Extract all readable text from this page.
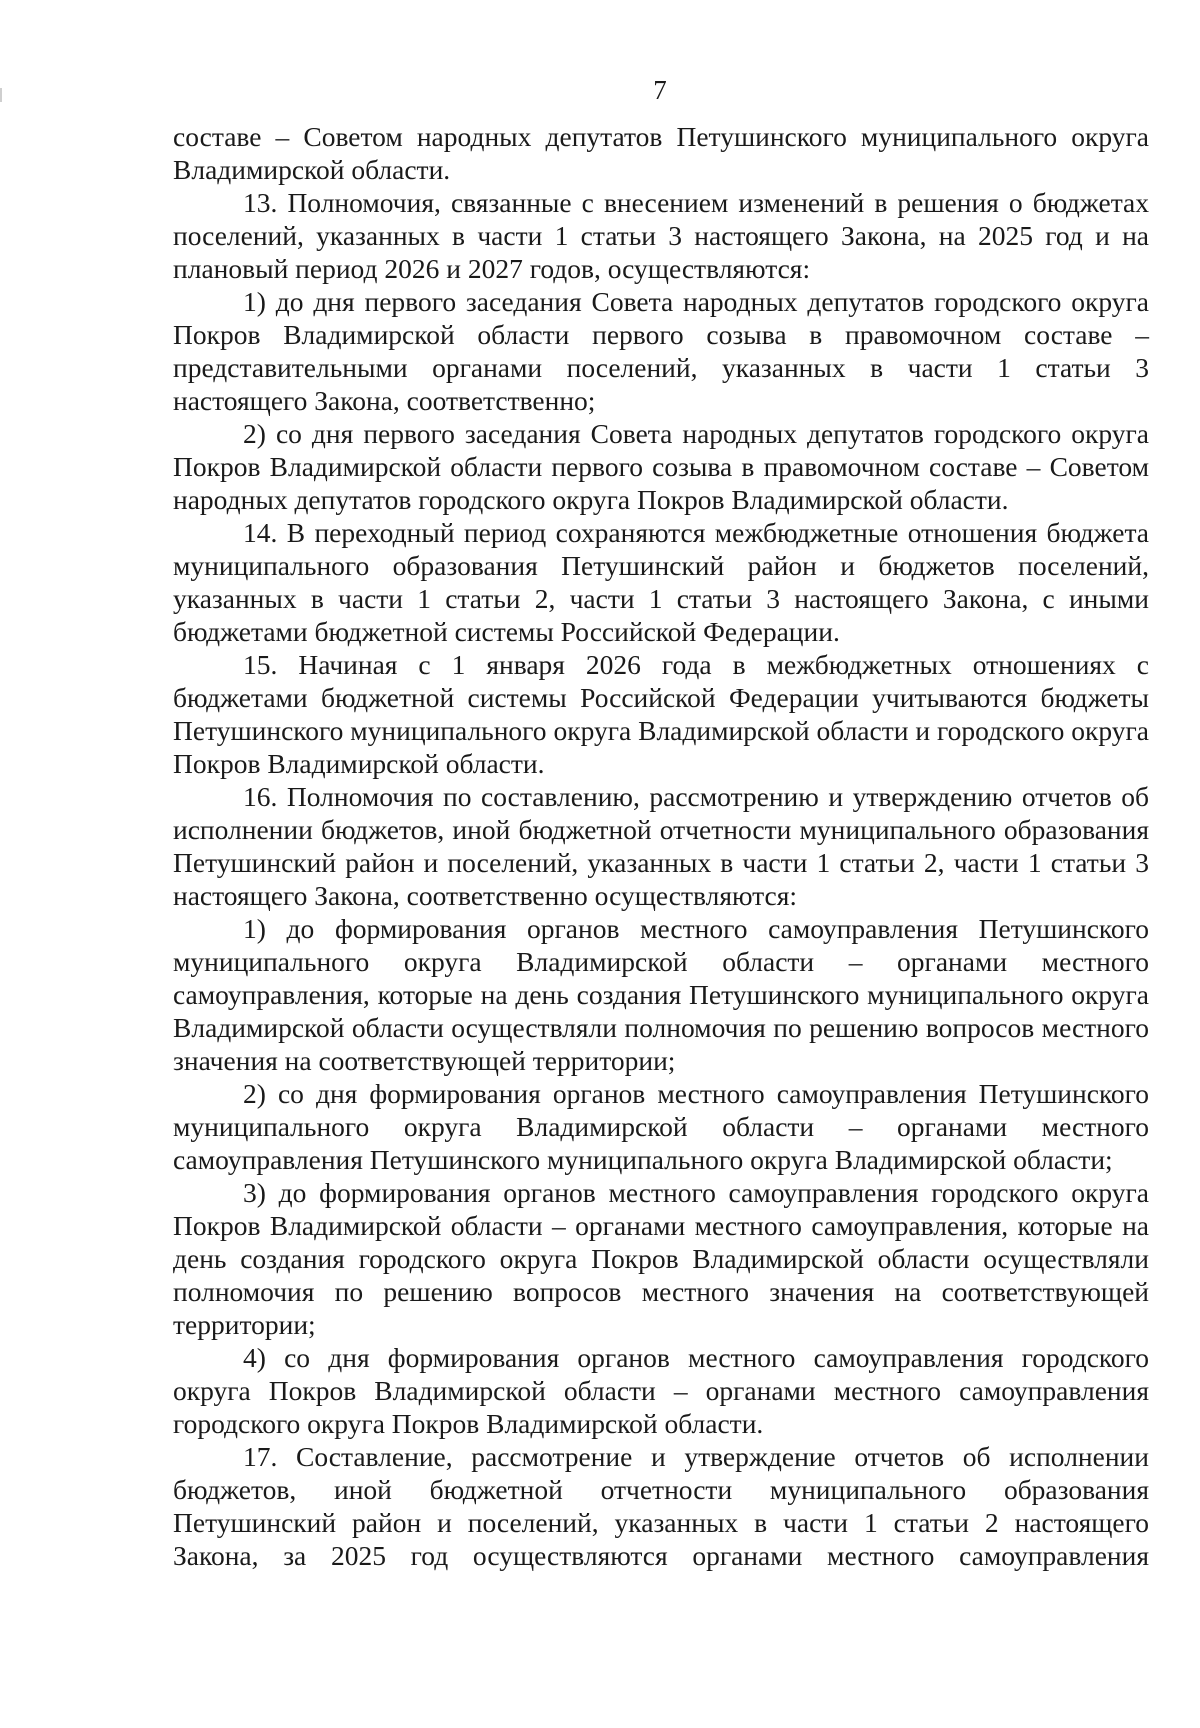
7

составе – Советом народных депутатов Петушинского муниципального округа Владимирской области.

13. Полномочия, связанные с внесением изменений в решения о бюджетах поселений, указанных в части 1 статьи 3 настоящего Закона, на 2025 год и на плановый период 2026 и 2027 годов, осуществляются:

1) до дня первого заседания Совета народных депутатов городского округа Покров Владимирской области первого созыва в правомочном составе – представительными органами поселений, указанных в части 1 статьи 3 настоящего Закона, соответственно;

2) со дня первого заседания Совета народных депутатов городского округа Покров Владимирской области первого созыва в правомочном составе – Советом народных депутатов городского округа Покров Владимирской области.

14. В переходный период сохраняются межбюджетные отношения бюджета муниципального образования Петушинский район и бюджетов поселений, указанных в части 1 статьи 2, части 1 статьи 3 настоящего Закона, с иными бюджетами бюджетной системы Российской Федерации.

15. Начиная с 1 января 2026 года в межбюджетных отношениях с бюджетами бюджетной системы Российской Федерации учитываются бюджеты Петушинского муниципального округа Владимирской области и городского округа Покров Владимирской области.

16. Полномочия по составлению, рассмотрению и утверждению отчетов об исполнении бюджетов, иной бюджетной отчетности муниципального образования Петушинский район и поселений, указанных в части 1 статьи 2, части 1 статьи 3 настоящего Закона, соответственно осуществляются:

1) до формирования органов местного самоуправления Петушинского муниципального округа Владимирской области – органами местного самоуправления, которые на день создания Петушинского муниципального округа Владимирской области осуществляли полномочия по решению вопросов местного значения на соответствующей территории;

2) со дня формирования органов местного самоуправления Петушинского муниципального округа Владимирской области – органами местного самоуправления Петушинского муниципального округа Владимирской области;

3) до формирования органов местного самоуправления городского округа Покров Владимирской области – органами местного самоуправления, которые на день создания городского округа Покров Владимирской области осуществляли полномочия по решению вопросов местного значения на соответствующей территории;

4) со дня формирования органов местного самоуправления городского округа Покров Владимирской области – органами местного самоуправления городского округа Покров Владимирской области.

17. Составление, рассмотрение и утверждение отчетов об исполнении бюджетов, иной бюджетной отчетности муниципального образования Петушинский район и поселений, указанных в части 1 статьи 2 настоящего Закона, за 2025 год осуществляются органами местного самоуправления
